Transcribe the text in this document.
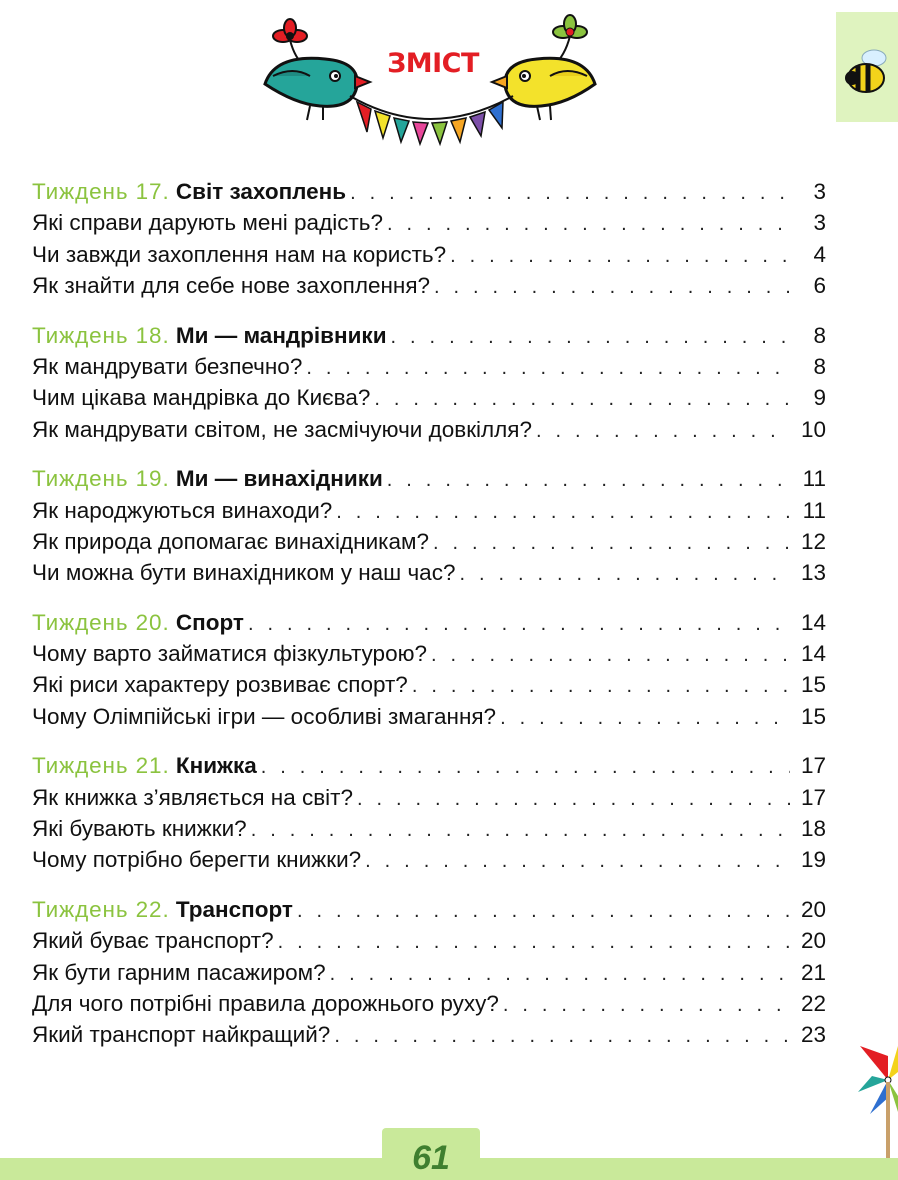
ЗМІСТ
Тиждень 17. Світ захоплень . . .	3
Які справи дарують мені радість? . . .	3
Чи завжди захоплення нам на користь? . . .	4
Як знайти для себе нове захоплення? . . .	6
Тиждень 18. Ми — мандрівники . . .	8
Як мандрувати безпечно? . . .	8
Чим цікава мандрівка до Києва? . . .	9
Як мандрувати світом, не засмічуючи довкілля? . . .	10
Тиждень 19. Ми — винахідники . . .	11
Як народжуються винаходи? . . .	11
Як природа допомагає винахідникам? . . .	12
Чи можна бути винахідником у наш час? . . .	13
Тиждень 20. Спорт . . .	14
Чому варто займатися фізкультурою? . . .	14
Які риси характеру розвиває спорт? . . .	15
Чому Олімпійські ігри — особливі змагання? . . .	15
Тиждень 21. Книжка . . .	17
Як книжка з’являється на світ? . . .	17
Які бувають книжки? . . .	18
Чому потрібно берегти книжки? . . .	19
Тиждень 22. Транспорт . . .	20
Який буває транспорт? . . .	20
Як бути гарним пасажиром? . . .	21
Для чого потрібні правила дорожнього руху? . . .	22
Який транспорт найкращий? . . .	23
61
